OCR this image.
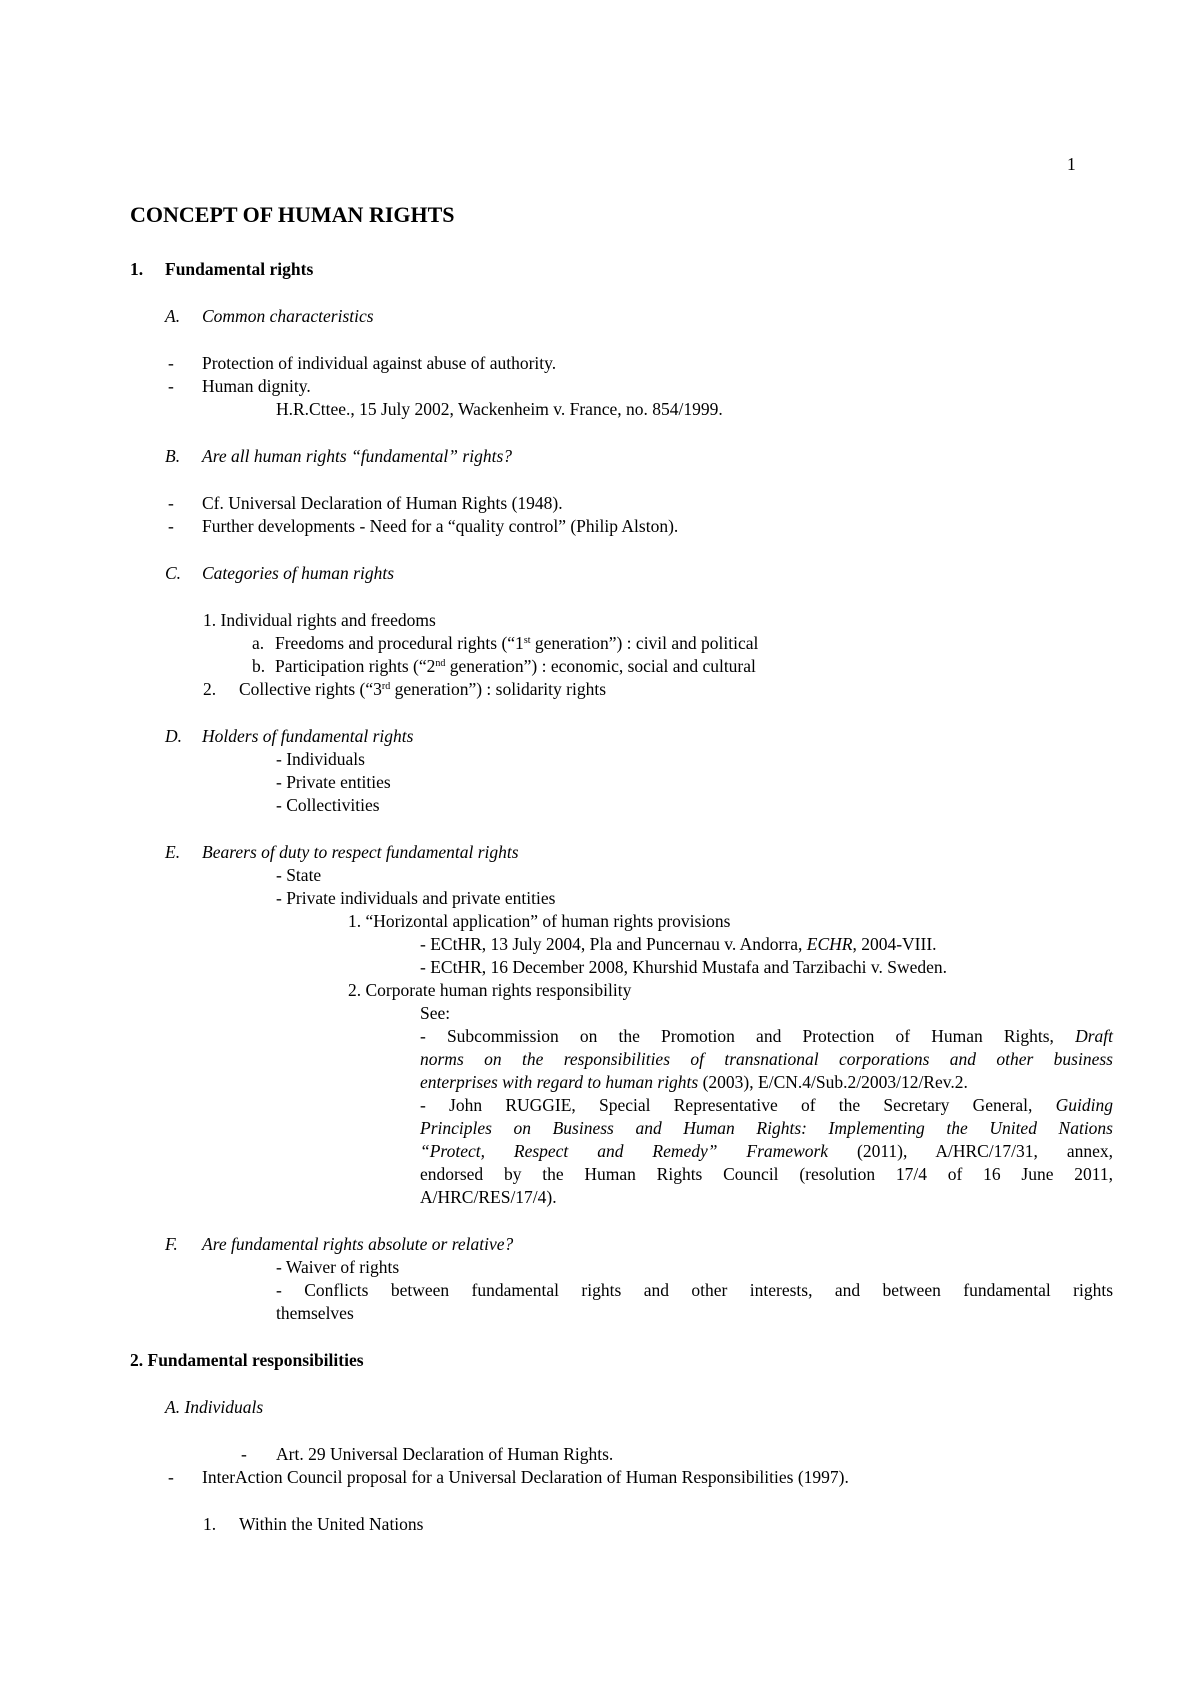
1
CONCEPT OF HUMAN RIGHTS
1. Fundamental rights
A. Common characteristics
- Protection of individual against abuse of authority.
- Human dignity.
H.R.Cttee., 15 July 2002, Wackenheim v. France, no. 854/1999.
B. Are all human rights “fundamental” rights?
- Cf. Universal Declaration of Human Rights (1948).
- Further developments - Need for a “quality control” (Philip Alston).
C. Categories of human rights
1. Individual rights and freedoms
a. Freedoms and procedural rights (“1st generation”) : civil and political
b. Participation rights (“2nd generation”) : economic, social and cultural
2. Collective rights (“3rd generation”) : solidarity rights
D. Holders of fundamental rights
- Individuals
- Private entities
- Collectivities
E. Bearers of duty to respect fundamental rights
- State
- Private individuals and private entities
1. “Horizontal application” of human rights provisions
- ECtHR, 13 July 2004, Pla and Puncernau v. Andorra, ECHR, 2004-VIII.
- ECtHR, 16 December 2008, Khurshid Mustafa and Tarzibachi v. Sweden.
2. Corporate human rights responsibility
See:
- Subcommission on the Promotion and Protection of Human Rights, Draft
norms on the responsibilities of transnational corporations and other business
enterprises with regard to human rights (2003), E/CN.4/Sub.2/2003/12/Rev.2.
- John RUGGIE, Special Representative of the Secretary General, Guiding
Principles on Business and Human Rights: Implementing the United Nations
“Protect, Respect and Remedy” Framework (2011), A/HRC/17/31, annex,
endorsed by the Human Rights Council (resolution 17/4 of 16 June 2011,
A/HRC/RES/17/4).
F. Are fundamental rights absolute or relative?
- Waiver of rights
- Conflicts between fundamental rights and other interests, and between fundamental rights
themselves
2. Fundamental responsibilities
A. Individuals
- Art. 29 Universal Declaration of Human Rights.
- InterAction Council proposal for a Universal Declaration of Human Responsibilities (1997).
1. Within the United Nations
